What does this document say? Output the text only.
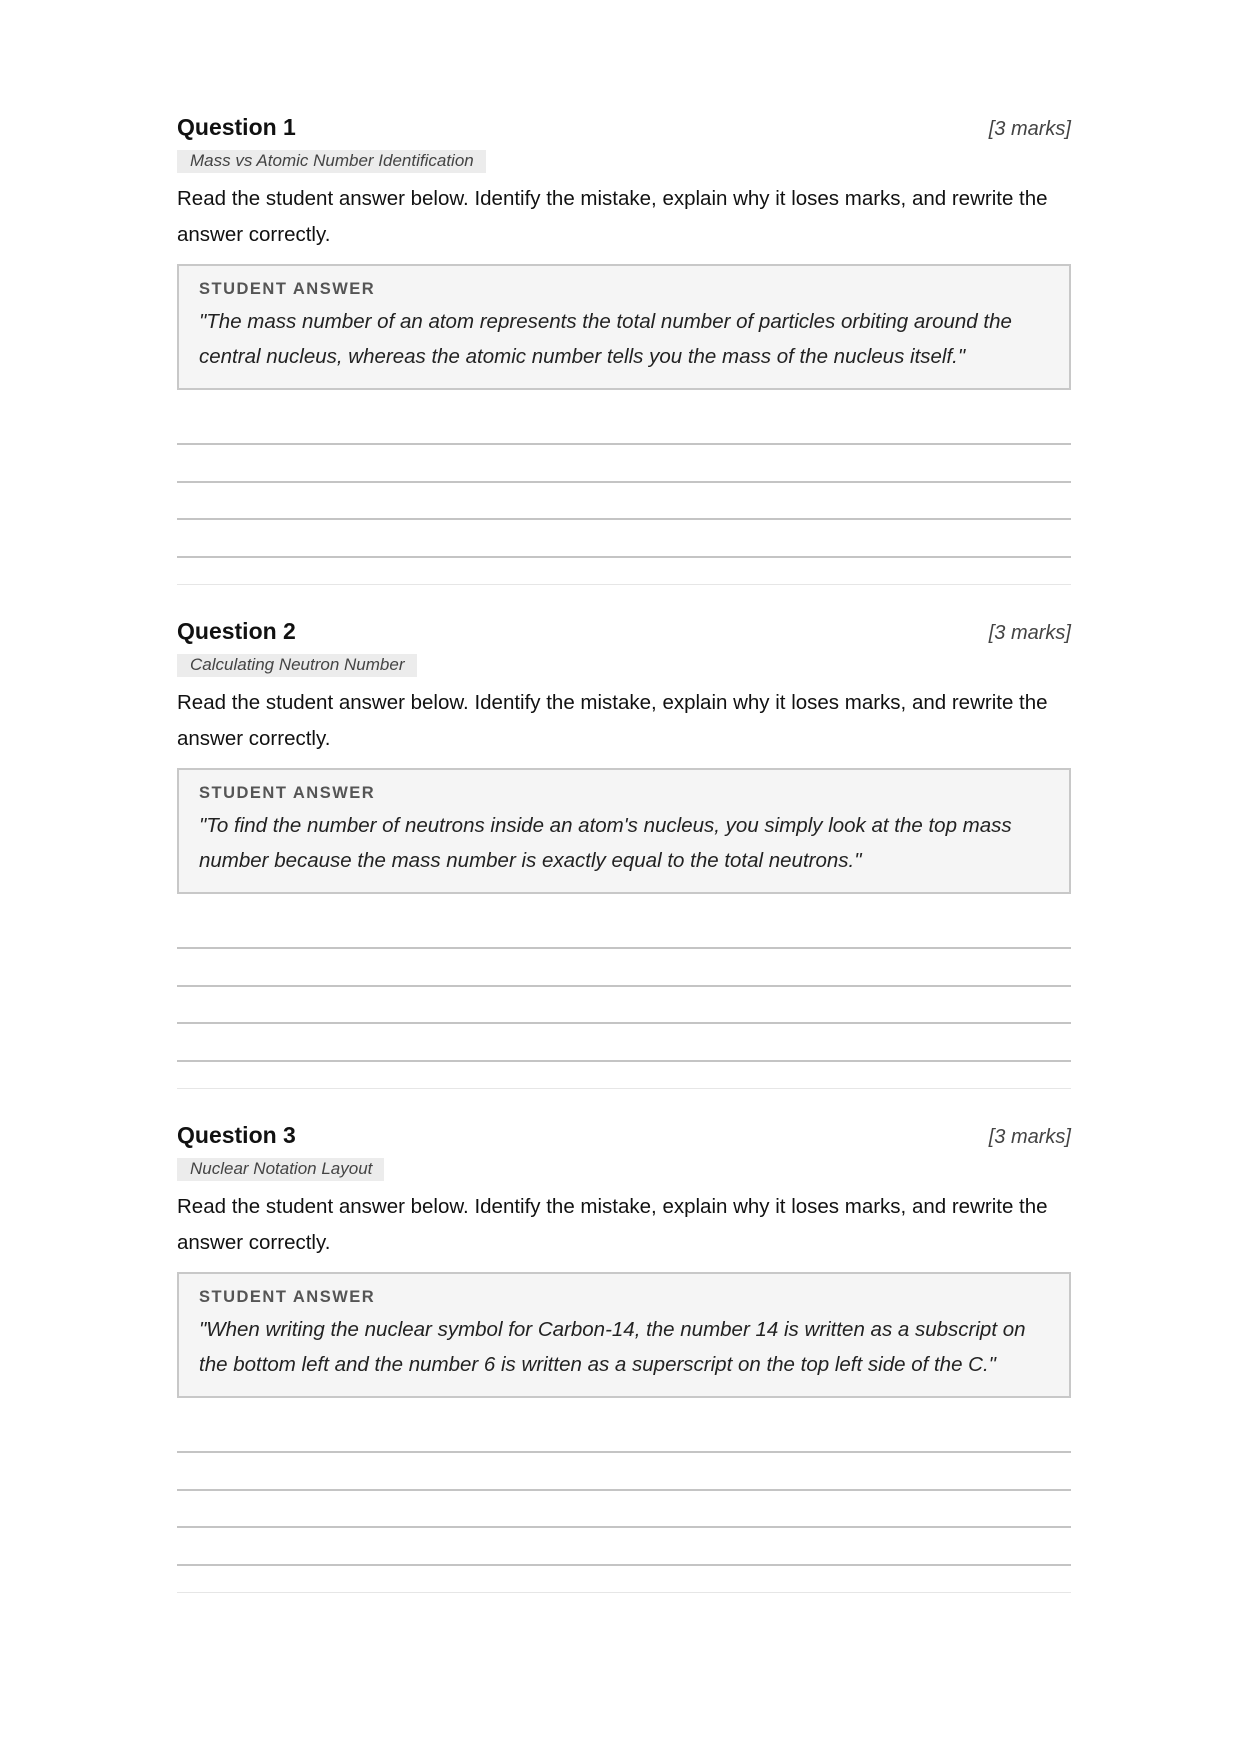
Question 1	[3 marks]
Mass vs Atomic Number Identification
Read the student answer below. Identify the mistake, explain why it loses marks, and rewrite the answer correctly.
STUDENT ANSWER
"The mass number of an atom represents the total number of particles orbiting around the central nucleus, whereas the atomic number tells you the mass of the nucleus itself."
Question 2	[3 marks]
Calculating Neutron Number
Read the student answer below. Identify the mistake, explain why it loses marks, and rewrite the answer correctly.
STUDENT ANSWER
"To find the number of neutrons inside an atom's nucleus, you simply look at the top mass number because the mass number is exactly equal to the total neutrons."
Question 3	[3 marks]
Nuclear Notation Layout
Read the student answer below. Identify the mistake, explain why it loses marks, and rewrite the answer correctly.
STUDENT ANSWER
"When writing the nuclear symbol for Carbon-14, the number 14 is written as a subscript on the bottom left and the number 6 is written as a superscript on the top left side of the C."
